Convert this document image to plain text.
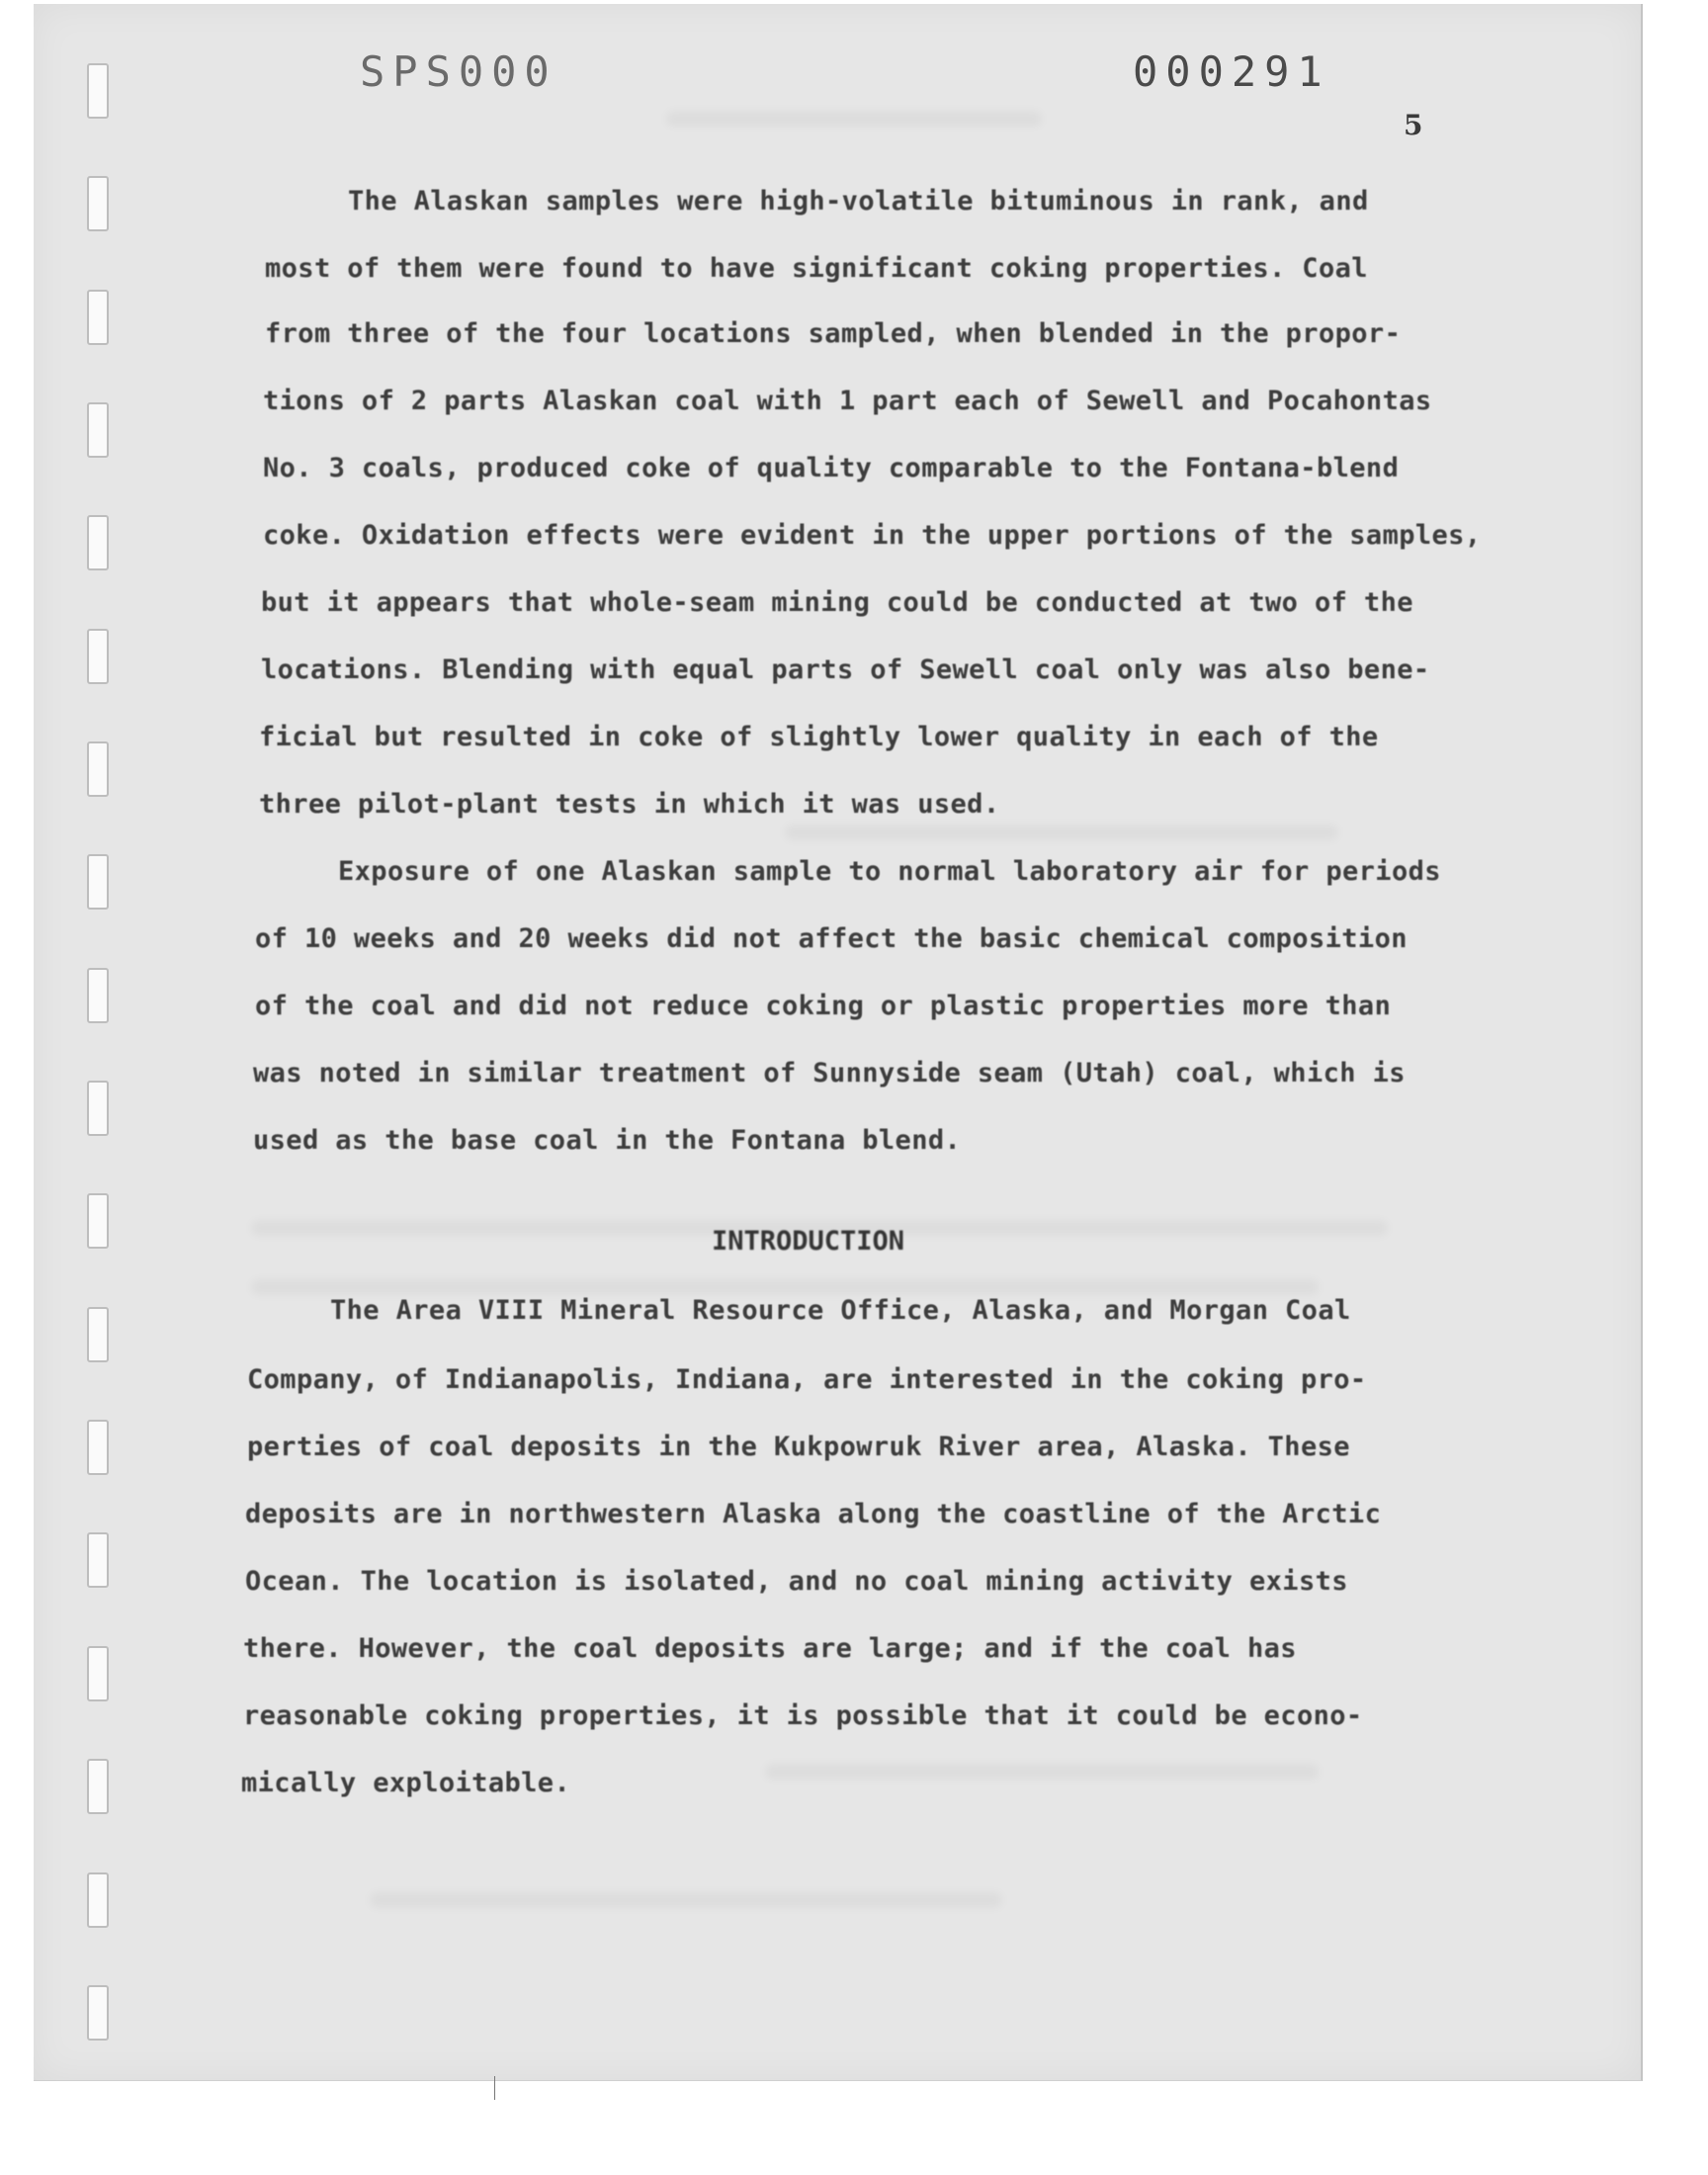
SPS000	000291
5
The Alaskan samples were high-volatile bituminous in rank, and
most of them were found to have significant coking properties. Coal
from three of the four locations sampled, when blended in the propor-
tions of 2 parts Alaskan coal with 1 part each of Sewell and Pocahontas
No. 3 coals, produced coke of quality comparable to the Fontana-blend
coke. Oxidation effects were evident in the upper portions of the samples,
but it appears that whole-seam mining could be conducted at two of the
locations. Blending with equal parts of Sewell coal only was also bene-
ficial but resulted in coke of slightly lower quality in each of the
three pilot-plant tests in which it was used.
Exposure of one Alaskan sample to normal laboratory air for periods
of 10 weeks and 20 weeks did not affect the basic chemical composition
of the coal and did not reduce coking or plastic properties more than
was noted in similar treatment of Sunnyside seam (Utah) coal, which is
used as the base coal in the Fontana blend.
INTRODUCTION
The Area VIII Mineral Resource Office, Alaska, and Morgan Coal
Company, of Indianapolis, Indiana, are interested in the coking pro-
perties of coal deposits in the Kukpowruk River area, Alaska. These
deposits are in northwestern Alaska along the coastline of the Arctic
Ocean. The location is isolated, and no coal mining activity exists
there. However, the coal deposits are large; and if the coal has
reasonable coking properties, it is possible that it could be econo-
mically exploitable.
